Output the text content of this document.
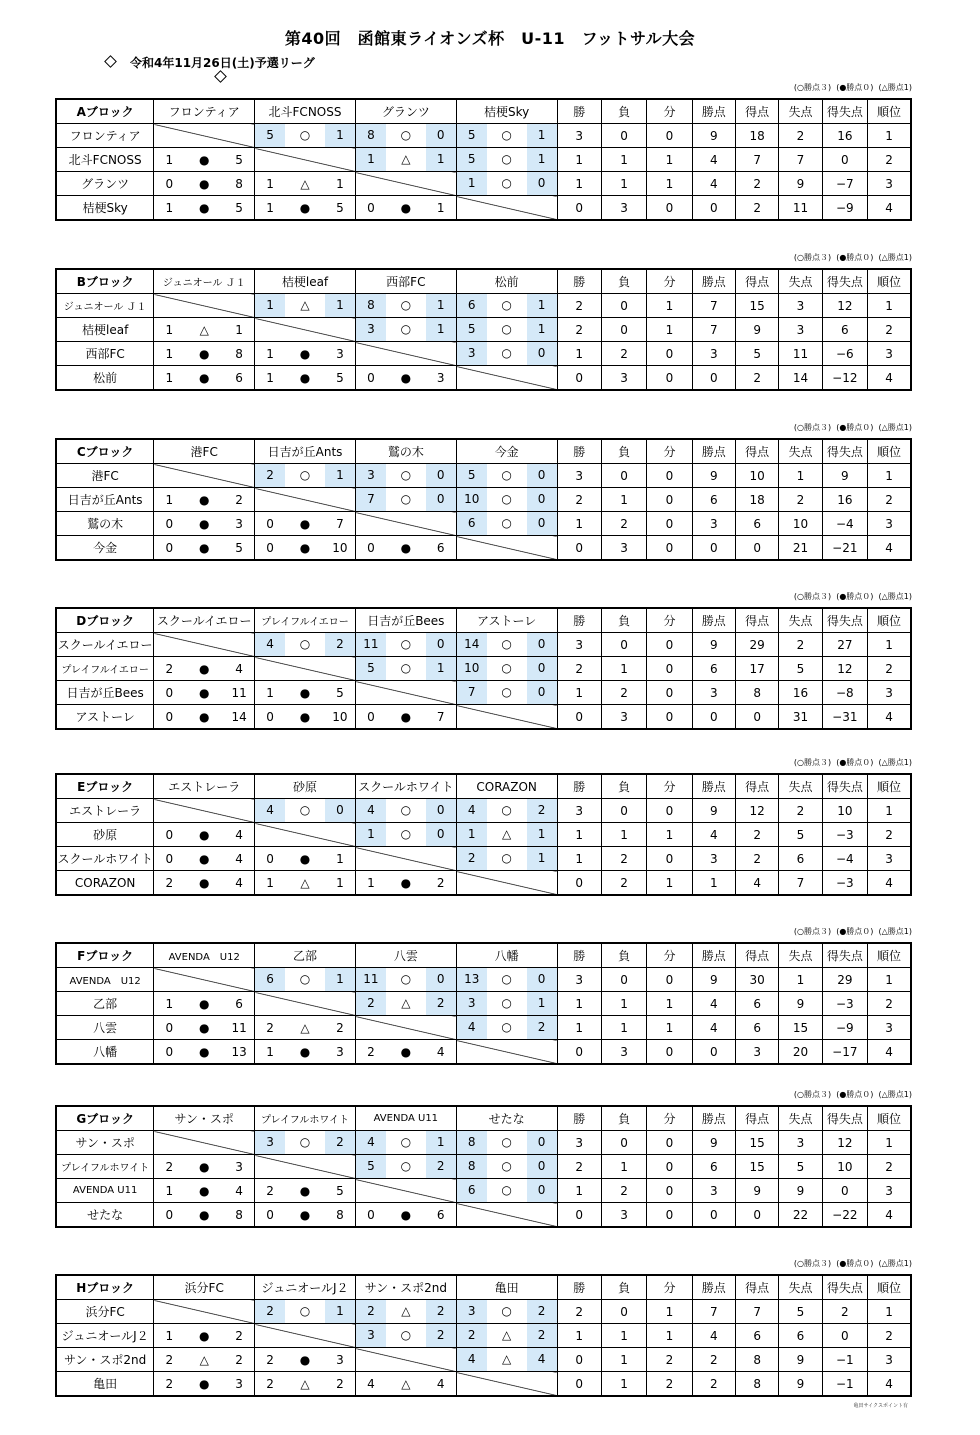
第40回　函館東ライオンズ杯　U-11　フットサル大会
令和4年11月26日(土)予選リーグ
(○勝点３)  (●勝点０)  (△勝点1)
Aブロック	フロンティア	北斗FCNOSS	グランツ	桔梗Sky	勝	負	分	勝点	得点	失点	得失点	順位
フロンティア		5 ○ 1	8 ○ 0	5 ○ 1	3	0	0	9	18	2	16	1
北斗FCNOSS	1 ● 5		1 △ 1	5 ○ 1	1	1	1	4	7	7	0	2
グランツ	0 ● 8	1 △ 1		1 ○ 0	1	1	1	4	2	9	−7	3
桔梗Sky	1 ● 5	1 ● 5	0 ● 1		0	3	0	0	2	11	−9	4
(○勝点３)  (●勝点０)  (△勝点1)
Bブロック	ジュニオール Ｊ１	桔梗leaf	西部FC	松前	勝	負	分	勝点	得点	失点	得失点	順位
ジュニオール Ｊ１		1 △ 1	8 ○ 1	6 ○ 1	2	0	1	7	15	3	12	1
桔梗leaf	1 △ 1		3 ○ 1	5 ○ 1	2	0	1	7	9	3	6	2
西部FC	1 ● 8	1 ● 3		3 ○ 0	1	2	0	3	5	11	−6	3
松前	1 ● 6	1 ● 5	0 ● 3		0	3	0	0	2	14	−12	4
(○勝点３)  (●勝点０)  (△勝点1)
Cブロック	港FC	日吉が丘Ants	鷲の木	今金	勝	負	分	勝点	得点	失点	得失点	順位
港FC		2 ○ 1	3 ○ 0	5 ○ 0	3	0	0	9	10	1	9	1
日吉が丘Ants	1 ● 2		7 ○ 0	10 ○ 0	2	1	0	6	18	2	16	2
鷲の木	0 ● 3	0 ● 7		6 ○ 0	1	2	0	3	6	10	−4	3
今金	0 ● 5	0 ● 10	0 ● 6		0	3	0	0	0	21	−21	4
(○勝点３)  (●勝点０)  (△勝点1)
Dブロック	スクールイエロー	プレイフルイエロー	日吉が丘Bees	アストーレ	勝	負	分	勝点	得点	失点	得失点	順位
スクールイエロー		4 ○ 2	11 ○ 0	14 ○ 0	3	0	0	9	29	2	27	1
プレイフルイエロー	2 ● 4		5 ○ 1	10 ○ 0	2	1	0	6	17	5	12	2
日吉が丘Bees	0 ● 11	1 ● 5		7 ○ 0	1	2	0	3	8	16	−8	3
アストーレ	0 ● 14	0 ● 10	0 ● 7		0	3	0	0	0	31	−31	4
(○勝点３)  (●勝点０)  (△勝点1)
Eブロック	エストレーラ	砂原	スクールホワイト	CORAZON	勝	負	分	勝点	得点	失点	得失点	順位
エストレーラ		4 ○ 0	4 ○ 0	4 ○ 2	3	0	0	9	12	2	10	1
砂原	0 ● 4		1 ○ 0	1 △ 1	1	1	1	4	2	5	−3	2
スクールホワイト	0 ● 4	0 ● 1		2 ○ 1	1	2	0	3	2	6	−4	3
CORAZON	2 ● 4	1 △ 1	1 ● 2		0	2	1	1	4	7	−3	4
(○勝点３)  (●勝点０)  (△勝点1)
Fブロック	AVENDA　U12	乙部	八雲	八幡	勝	負	分	勝点	得点	失点	得失点	順位
AVENDA　U12		6 ○ 1	11 ○ 0	13 ○ 0	3	0	0	9	30	1	29	1
乙部	1 ● 6		2 △ 2	3 ○ 1	1	1	1	4	6	9	−3	2
八雲	0 ● 11	2 △ 2		4 ○ 2	1	1	1	4	6	15	−9	3
八幡	0 ● 13	1 ● 3	2 ● 4		0	3	0	0	3	20	−17	4
(○勝点３)  (●勝点０)  (△勝点1)
Gブロック	サン・スポ	プレイフルホワイト	AVENDA U11	せたな	勝	負	分	勝点	得点	失点	得失点	順位
サン・スポ		3 ○ 2	4 ○ 1	8 ○ 0	3	0	0	9	15	3	12	1
プレイフルホワイト	2 ● 3		5 ○ 2	8 ○ 0	2	1	0	6	15	5	10	2
AVENDA U11	1 ● 4	2 ● 5		6 ○ 0	1	2	0	3	9	9	0	3
せたな	0 ● 8	0 ● 8	0 ● 6		0	3	0	0	0	22	−22	4
(○勝点３)  (●勝点０)  (△勝点1)
Hブロック	浜分FC	ジュニオールJ２	サン・スポ2nd	亀田	勝	負	分	勝点	得点	失点	得失点	順位
浜分FC		2 ○ 1	2 △ 2	3 ○ 2	2	0	1	7	7	5	2	1
ジュニオールJ２	1 ● 2		3 ○ 2	2 △ 2	1	1	1	4	6	6	0	2
サン・スポ2nd	2 △ 2	2 ● 3		4 △ 4	0	1	2	2	8	9	−1	3
亀田	2 ● 3	2 △ 2	4 △ 4		0	1	2	2	8	9	−1	4
亀田サイクスポイント有
